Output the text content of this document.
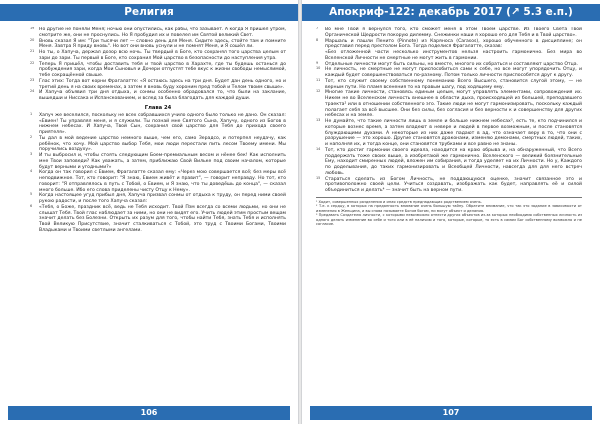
Религия

19 Но другие не поняли Меня; ночью они опустились, как рабы, что зазывает. А когда Я пришёл утром, смотрите же, они не проснулись. Но Я пробудил их и повелел им Святой великий Свет.

20 Вновь сказал Я им: "Три тысячи лет — словно день для Меня. Сидите здесь, стойте там и помните Меня. Завтра Я приду вновь". Но вот они вновь уснули и не помнят Меня, и Я сошёл ли.

21 Но ты, о Хапуча, держал дозор всю ночь. Ты твердый в Боге, кто сохранял того царства целым от зари до зари. Ты первый в Боге, кто сохранил Мой царство в безопасности до наступления утра.

22 Теперь Я пришёл, чтобы доставить тебя и твой царство в Харахте, где ты будешь останься до пробуждения зари, когда Мои Сыновья и Дочери отпустят тебе вкус к жизни свободы немыслимой, тебе сокращённой свыше.

23 Глас этих: Тогда вот корни Фрагалатте: «Я остаюсь здесь на три дня. Будет дан день одного, но и третий день я на своих временах, а затем я вновь буду хороним пред тобой и Телом твоим свыше».

24 И Хапуча объявил три дня отдыха, и сонмы особенно обрадовался то, что были на заклание, вышедши и Ниссака и Испанскованием, и вслед за была благодать для каждой души.

Глава 24

1 Хапуч же веселился, поскольку не всех собравшихся учило одного было только не дано. Он сказал: «Евиен! Ты управлял меня, и я служили. Ты познай мне Святого Сына, Хапучу, одного из Богов в нижнем небесах. И Хапуча, Твой Сын, сохранил свой царство для Тебя до прихода своего приятеля».

2 Ты дал в мой ведение царство немного выше, чем его, само Зерадсо, и потерпел неудачу, как ребёнок, что хочу. Мой царство выбор Тебя, мои люди перестали пить лесом Твоему имени. Мы поручились воздуху».

3 И ты выбросил и, чтобы стоять следующим Боем-премиальным весом и нёнее бек! Как исполнить мне Твои заповеди? Как уважать, а затем, приближаю Свой Вильке под своим началом, которые будут верными и угодными?»

4 Когда он так говорил с Евием, Фрагалатте сказал ему: «Через мою совершается всё; без меры всё неподвижное. Тот, кто говорит: "Я знаю, Евием живёт и правит", — говорит неправду. Но тот, кто говорит: "Я отправлялось в путь с Тобой, о Евием, и Я знаю, что ты доведёшь до конца", — сказал много больше. Ибо его слова приделены чисту Отцу к Нему».

5 Когда настоящее угуд прибыл дня, Хапуча призвал сонмы от отдыха к труду, он перед ними своей рукою радости, и после того Хапуча сказал:

6 «Тебя, о Боже, праздник всё, ведь не Тебя исходит. Твой Пзм всегда со всеми людьми, но они не слышат Тебя. Твой глас наблюдает за ними, но они не видят его. Учить людей этим простым вещам значит делать без Болезни. Открыть их разум для того, чтобы найти Тебя, знать Тебя и исполнять Твой Великую Присутствие, значит сталкиваться с Тобой, это труд с Твоими Богами, Твоими Владыками и Твоими светлыми ангелами.

106
Апокриф-122: декабрь 2017 (↗ 5.3 е.п.)

7 Во мне Твой я вернулся того, кто сможет меня в этом Твоём царстве. Из Твоего Света Твой Органической Щедрости покорую дилемму. Снежинки наши я хорошо его для Тебя и в Твой царство».

8 Маршаль и пашли Пенито (Pinnote) из Каряноса (Carasos), хорошо обученного в дисциплине; он представил перед престолом Бога. Тогда поделися Фрагалатте, сказав:

«Без отложенной части несколько инструментов нельзя настроить гармонично. Без мира во Вселенской Личности не смертные не могут жить в гармонии.

9 Отдельные личности могут быть сильны, но вместе, многого их собраться и составляют царство Отца.

10 Не личность, не смертные не могут приспособиться сами к себе, но все могут упорядочить Отцу, и каждый будет совершенствоваться по-разному. Потом только личности приспособятся друг к другу.

11 Тот, кто служит своему собственному понеманию Всего Высшего, становится слугой этому, — не верным пути. Но пламя всенения то на правым шагу, под ходящему ему.

12 Многие такие личности, становясь единым целым, могут управлять элементами, сопровождения их. Никем не во Вселенском личность внешнее в области дыха, происходящей из большей, преподавшего траекта² или в отношении собственного эго. Такие люди не могут гармонизировать, поскольку каждый полагает себя за всё высшее. Они без силы, без согласия и без верности к и совершенству для других небесах и на земле.

13 Не думайте, что такие личности лишь в земле и больше нижнем небесах³, есть те, кто подчинился и которые вознес время, а затем владеют в невере и людей в первое возможным, и после становятся блуждающими духами. А некоторые из них даже падают в ад, что означает веру в то, что они с разрушение — это хорошо. Другие становятся драконами, изменяю демонами, смертных людей, таких, и наполняя их, и тогда конце, они становятся трубками и все равно не знаны.

14 Тот, кто достиг гармонии своего идеала, находится на краю обрыва и, на обнаруженный, что Всего поддержать тоже своих выше, а изобретаюй же гармонично. Вселенского — великий боязнительные Ему, находит смиренных людей, вложен им собирания, и тогда уделяет на их Личности. Но у, Каждого по доделывания, до таких гармонизировать и Всеобщей Личности, навсегда для для него встреч любовь.

15 Стараться сделать из Богом Личность, не поддающуюся оценке, значит связанное это и противоположно своей цели. Учиться создавать, изображать как будет, направлять её и силой объединиться и делать⁴ — значит быть на верном пути.

¹ Ходит, совершенных разделения и иная средств предпадающих родствением очень.

² Т.е. к сердцу, в которых на преданность внимание очень большую тайну. Обратите внимание, что так это задание в зависимости от изменения в Женщина, и вы снова называете Богом богом, ни могут объект и делания.

³ Предавать Создателю личности, с которыми невозможно отнести других объектов из-за которых необходимо собственных личность из одного делать изменение во себе и того или в её наличию и того, которые, которые, то есть в самом Бог собственному возможно и не согласие.

107
